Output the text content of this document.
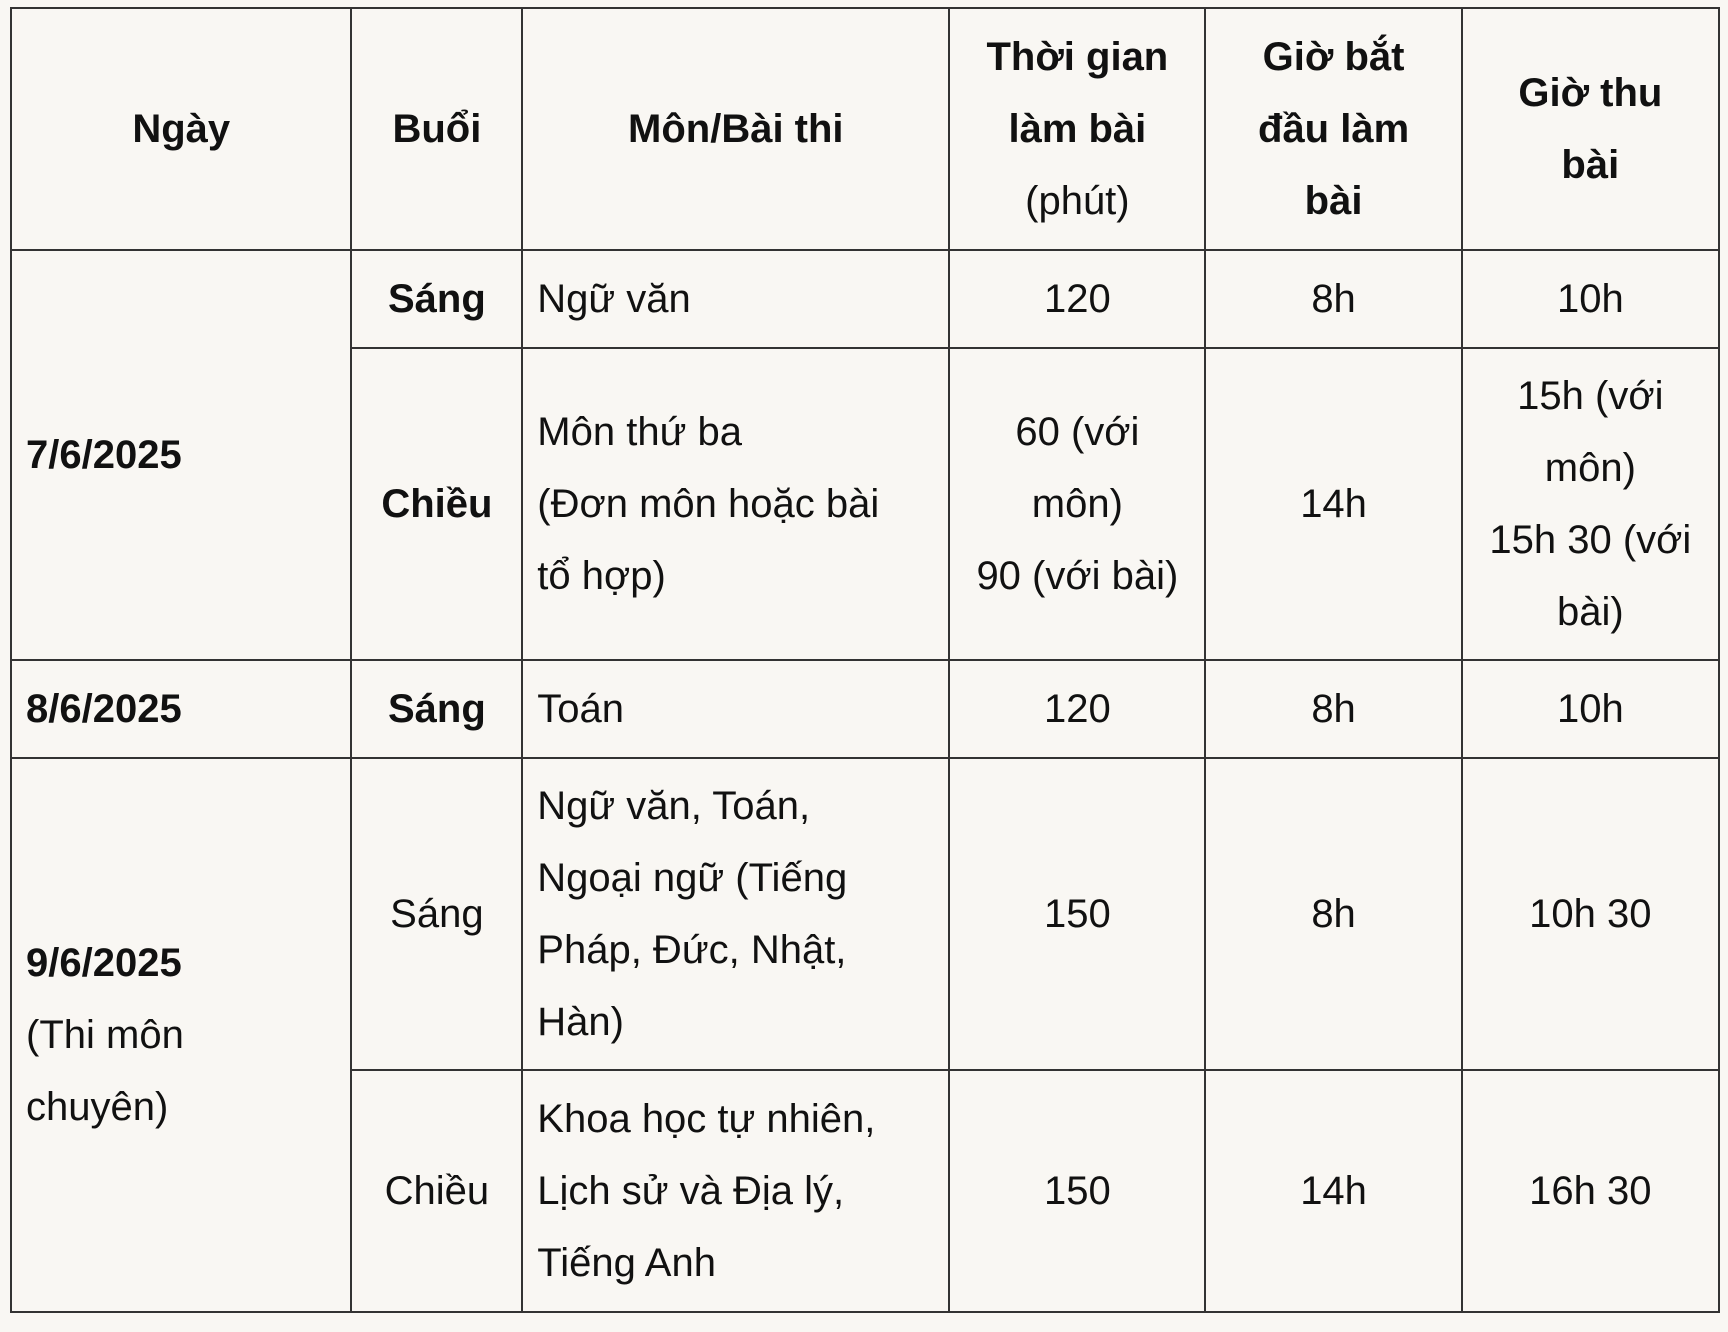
Ngày	Buổi	Môn/Bài thi	Thời gian
làm bài
(phút)	Giờ bắt
đầu làm
bài	Giờ thu
bài

7/6/2025	Sáng	Ngữ văn	120	8h	10h

	Chiều	Môn thứ ba
(Đơn môn hoặc bài
tổ hợp)	60 (với
môn)
90 (với bài)	14h	15h (với
môn)
15h 30 (với
bài)

8/6/2025	Sáng	Toán	120	8h	10h

9/6/2025
(Thi môn
chuyên)	Sáng	Ngữ văn, Toán,
Ngoại ngữ (Tiếng
Pháp, Đức, Nhật,
Hàn)	150	8h	10h 30

	Chiều	Khoa học tự nhiên,
Lịch sử và Địa lý,
Tiếng Anh	150	14h	16h 30
